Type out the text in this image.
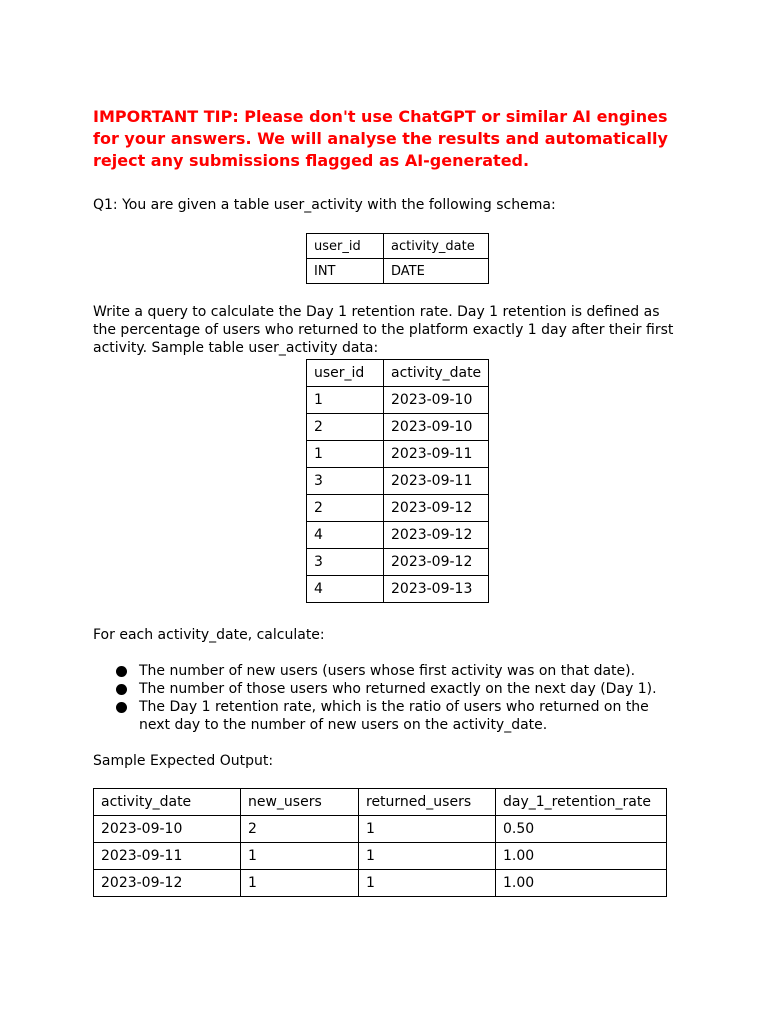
IMPORTANT TIP: Please don't use ChatGPT or similar AI engines for your answers. We will analyse the results and automatically reject any submissions flagged as AI-generated.
Q1: You are given a table user_activity with the following schema:
user_id	activity_date
INT	DATE
Write a query to calculate the Day 1 retention rate. Day 1 retention is defined as the percentage of users who returned to the platform exactly 1 day after their first activity. Sample table user_activity data:
user_id	activity_date
1	2023-09-10
2	2023-09-10
1	2023-09-11
3	2023-09-11
2	2023-09-12
4	2023-09-12
3	2023-09-12
4	2023-09-13
For each activity_date, calculate:
The number of new users (users whose first activity was on that date).
The number of those users who returned exactly on the next day (Day 1).
The Day 1 retention rate, which is the ratio of users who returned on the next day to the number of new users on the activity_date.
Sample Expected Output:
activity_date	new_users	returned_users	day_1_retention_rate
2023-09-10	2	1	0.50
2023-09-11	1	1	1.00
2023-09-12	1	1	1.00
